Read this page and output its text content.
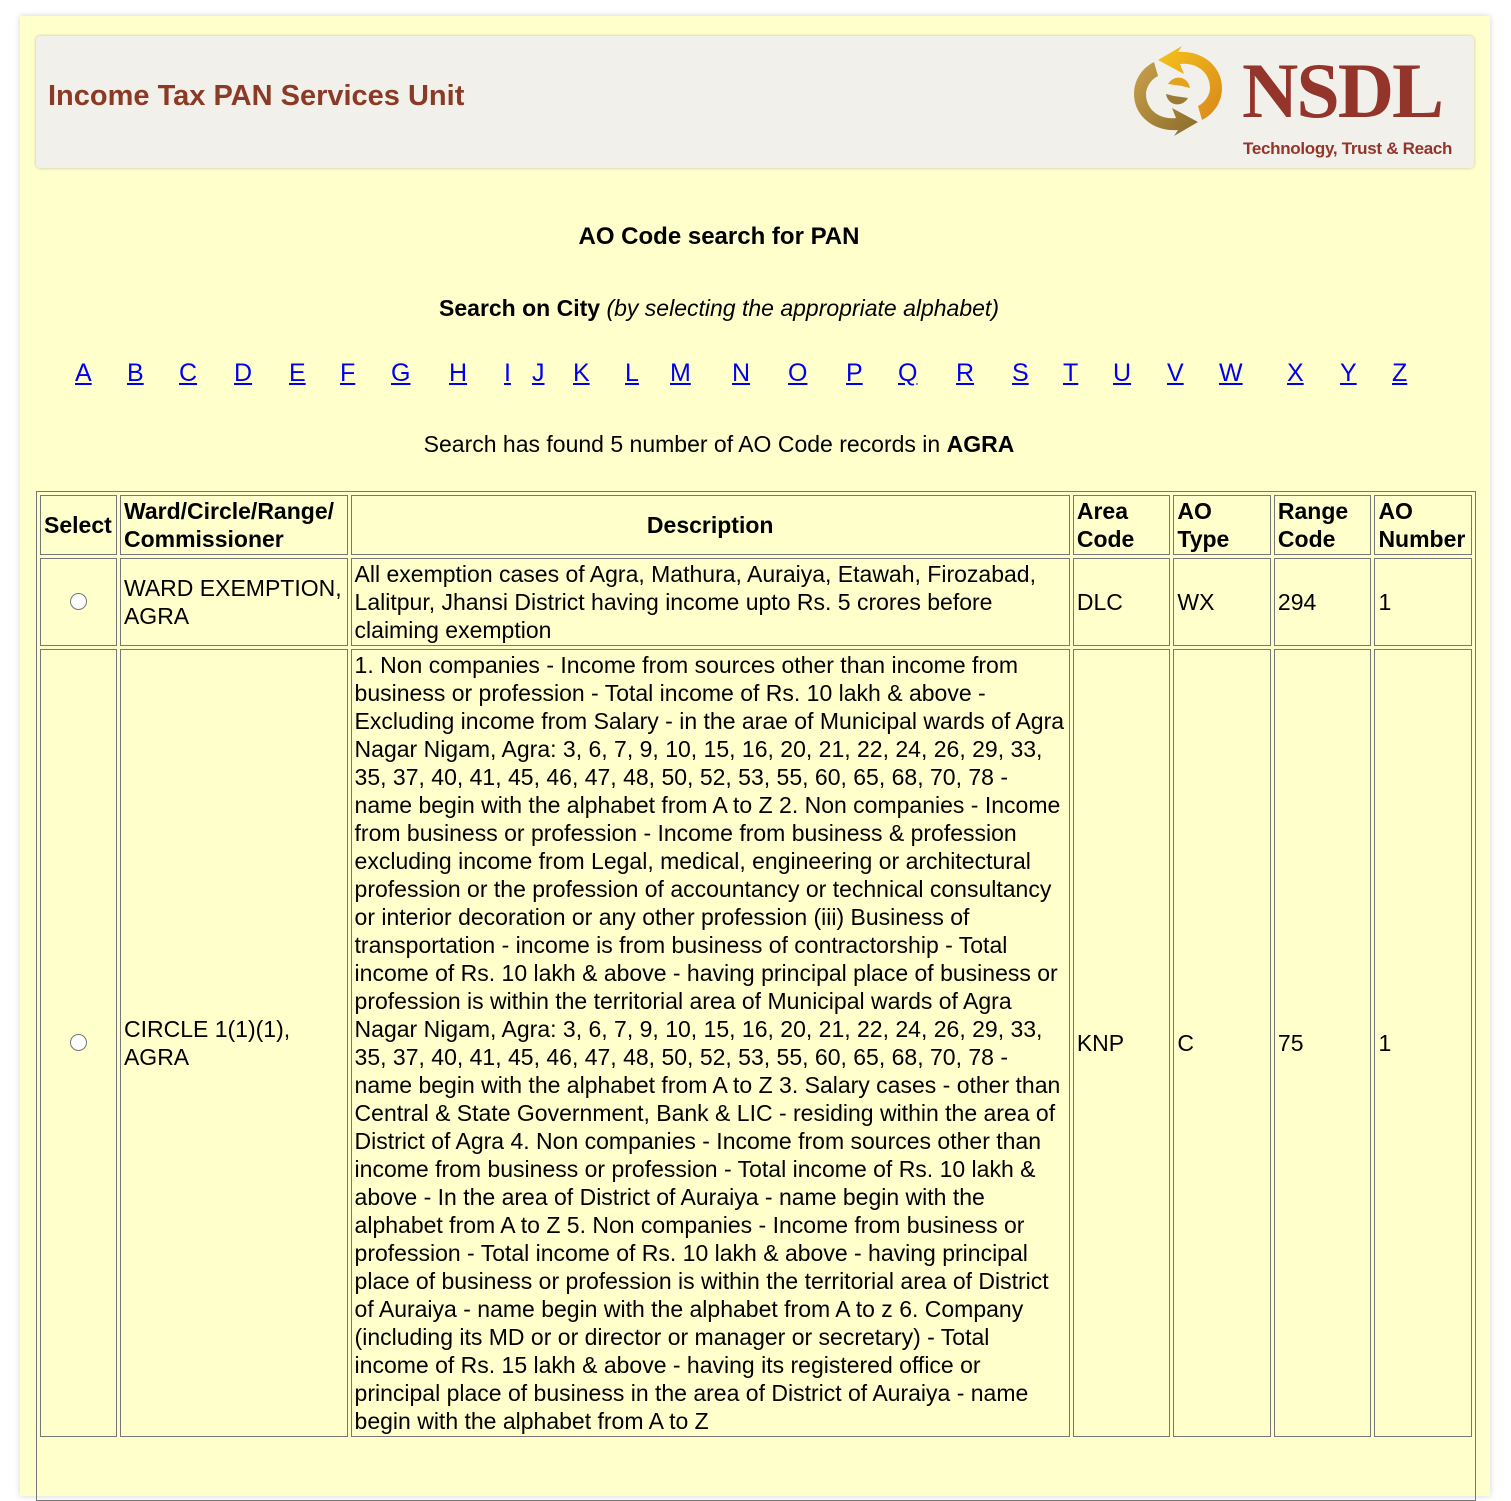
Income Tax PAN Services Unit	NSDL
Technology, Trust & Reach
AO Code search for PAN
Search on City (by selecting the appropriate alphabet)
A B C D E F G H I J K L M N O P Q R S T U V W X Y Z
Search has found 5 number of AO Code records in AGRA
Select	Ward/Circle/Range/ Commissioner	Description	Area Code	AO Type	Range Code	AO Number
	WARD EXEMPTION, AGRA	All exemption cases of Agra, Mathura, Auraiya, Etawah, Firozabad, Lalitpur, Jhansi District having income upto Rs. 5 crores before claiming exemption	DLC	WX	294	1
	CIRCLE 1(1)(1), AGRA	1. Non companies - Income from sources other than income from business or profession - Total income of Rs. 10 lakh & above - Excluding income from Salary - in the arae of Municipal wards of Agra Nagar Nigam, Agra: 3, 6, 7, 9, 10, 15, 16, 20, 21, 22, 24, 26, 29, 33, 35, 37, 40, 41, 45, 46, 47, 48, 50, 52, 53, 55, 60, 65, 68, 70, 78 - name begin with the alphabet from A to Z 2. Non companies - Income from business or profession - Income from business & profession excluding income from Legal, medical, engineering or architectural profession or the profession of accountancy or technical consultancy or interior decoration or any other profession (iii) Business of transportation - income is from business of contractorship - Total income of Rs. 10 lakh & above - having principal place of business or profession is within the territorial area of Municipal wards of Agra Nagar Nigam, Agra: 3, 6, 7, 9, 10, 15, 16, 20, 21, 22, 24, 26, 29, 33, 35, 37, 40, 41, 45, 46, 47, 48, 50, 52, 53, 55, 60, 65, 68, 70, 78 - name begin with the alphabet from A to Z 3. Salary cases - other than Central & State Government, Bank & LIC - residing within the area of District of Agra 4. Non companies - Income from sources other than income from business or profession - Total income of Rs. 10 lakh & above - In the area of District of Auraiya - name begin with the alphabet from A to Z 5. Non companies - Income from business or profession - Total income of Rs. 10 lakh & above - having principal place of business or profession is within the territorial area of District of Auraiya - name begin with the alphabet from A to z 6. Company (including its MD or or director or manager or secretary) - Total income of Rs. 15 lakh & above - having its registered office or principal place of business in the area of District of Auraiya - name begin with the alphabet from A to Z	KNP	C	75	1
